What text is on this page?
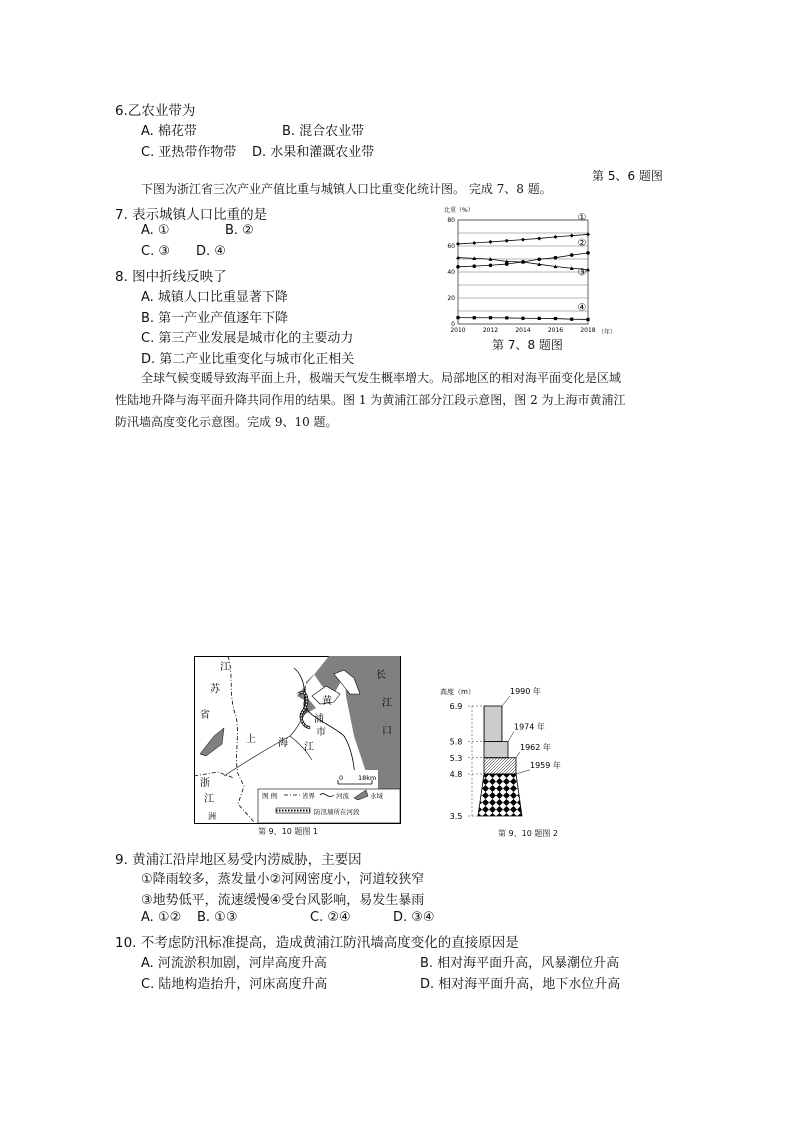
6.乙农业带为
A. 棉花带	B. 混合农业带
C. 亚热带作物带 D. 水果和灌溉农业带
第 5、6 题图
下图为浙江省三次产业产值比重与城镇人口比重变化统计图。 完成 7、8 题。
7. 表示城镇人口比重的是
A. ①	B. ②
C. ③ D. ④
8. 图中折线反映了
A. 城镇人口比重显著下降
B. 第一产业产值逐年下降
C. 第三产业发展是城市化的主要动力
D. 第二产业比重变化与城市化正相关
比重（%）
0
20
40
60
80
2010	2012	2014	2016	2018 （年）
①
②
③
④
第 7、8 题图
全球气候变暖导致海平面上升，极端天气发生概率增大。局部地区的相对海平面变化是区域
性陆地升降与海平面升降共同作用的结果。图 1 为黄浦江部分江段示意图，图 2 为上海市黄浦江
防汛墙高度变化示意图。完成 9、10 题。
江
苏
省
浙
江
洲
上 海
市
黄
浦
江
长
江
口
0 18km
图 例	省界	河流	水域
防汛墙所在河段
第 9、10 题图 1
高度（m）
6.9
5.8
5.3
4.8
3.5
1990 年
1974 年
1962 年
1959 年
第 9、10 题图 2
9. 黄浦江沿岸地区易受内涝威胁，主要因
①降雨较多，蒸发量小②河网密度小，河道较狭窄
③地势低平，流速缓慢④受台风影响，易发生暴雨
A. ①② B. ①③	C. ②④	D. ③④
10. 不考虑防汛标准提高，造成黄浦江防汛墙高度变化的直接原因是
A. 河流淤积加剧，河岸高度升高	B. 相对海平面升高，风暴潮位升高
C. 陆地构造抬升，河床高度升高	D. 相对海平面升高，地下水位升高
